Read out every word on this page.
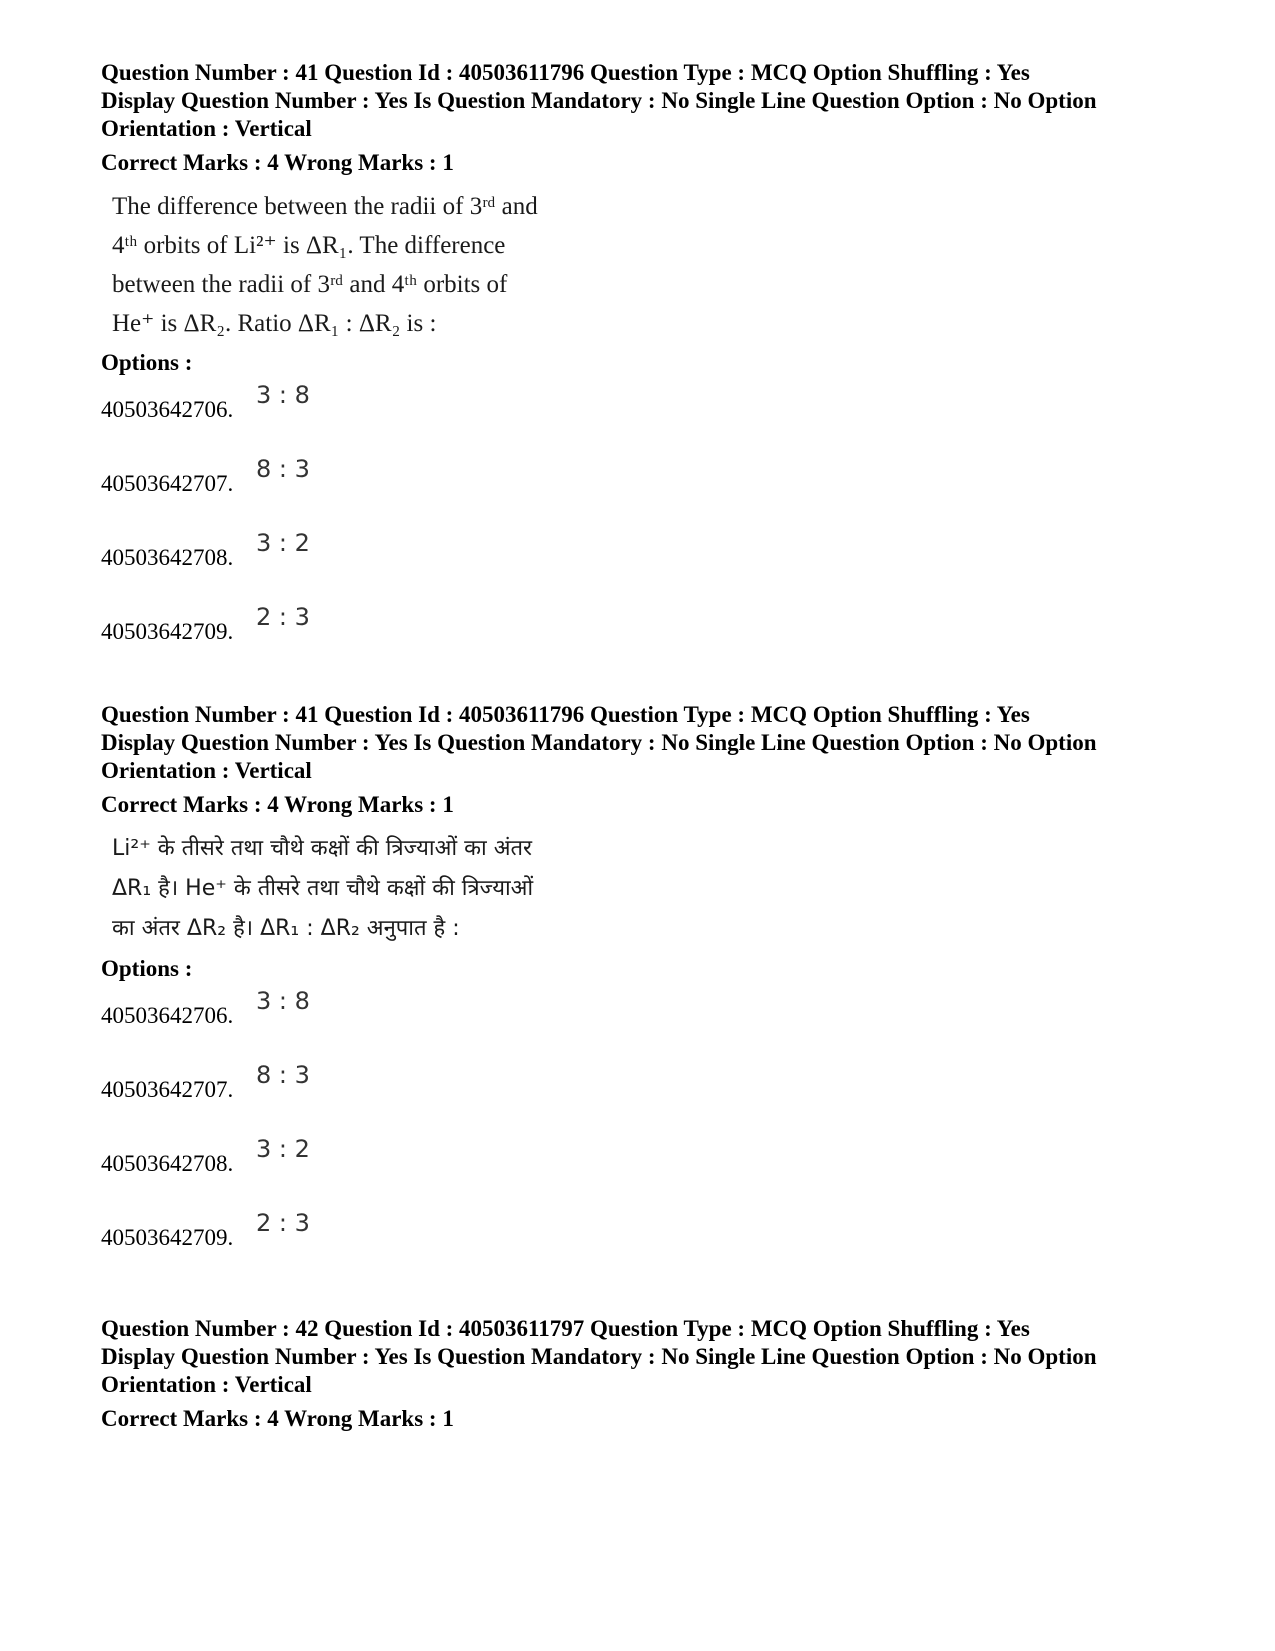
Question Number : 41 Question Id : 40503611796 Question Type : MCQ Option Shuffling : Yes
Display Question Number : Yes Is Question Mandatory : No Single Line Question Option : No Option
Orientation : Vertical
Correct Marks : 4 Wrong Marks : 1
The difference between the radii of 3ʳᵈ and
4ᵗʰ orbits of Li²⁺ is ΔR₁. The difference
between the radii of 3ʳᵈ and 4ᵗʰ orbits of
He⁺ is ΔR₂. Ratio ΔR₁ : ΔR₂ is :
Options :
40503642706.
3 : 8
40503642707.
8 : 3
40503642708.
3 : 2
40503642709.
2 : 3
Question Number : 41 Question Id : 40503611796 Question Type : MCQ Option Shuffling : Yes
Display Question Number : Yes Is Question Mandatory : No Single Line Question Option : No Option
Orientation : Vertical
Correct Marks : 4 Wrong Marks : 1
Li²⁺ के तीसरे तथा चौथे कक्षों की त्रिज्याओं का अंतर
ΔR₁ है। He⁺ के तीसरे तथा चौथे कक्षों की त्रिज्याओं
का अंतर ΔR₂ है। ΔR₁ : ΔR₂ अनुपात है :
Options :
40503642706.
3 : 8
40503642707.
8 : 3
40503642708.
3 : 2
40503642709.
2 : 3
Question Number : 42 Question Id : 40503611797 Question Type : MCQ Option Shuffling : Yes
Display Question Number : Yes Is Question Mandatory : No Single Line Question Option : No Option
Orientation : Vertical
Correct Marks : 4 Wrong Marks : 1
